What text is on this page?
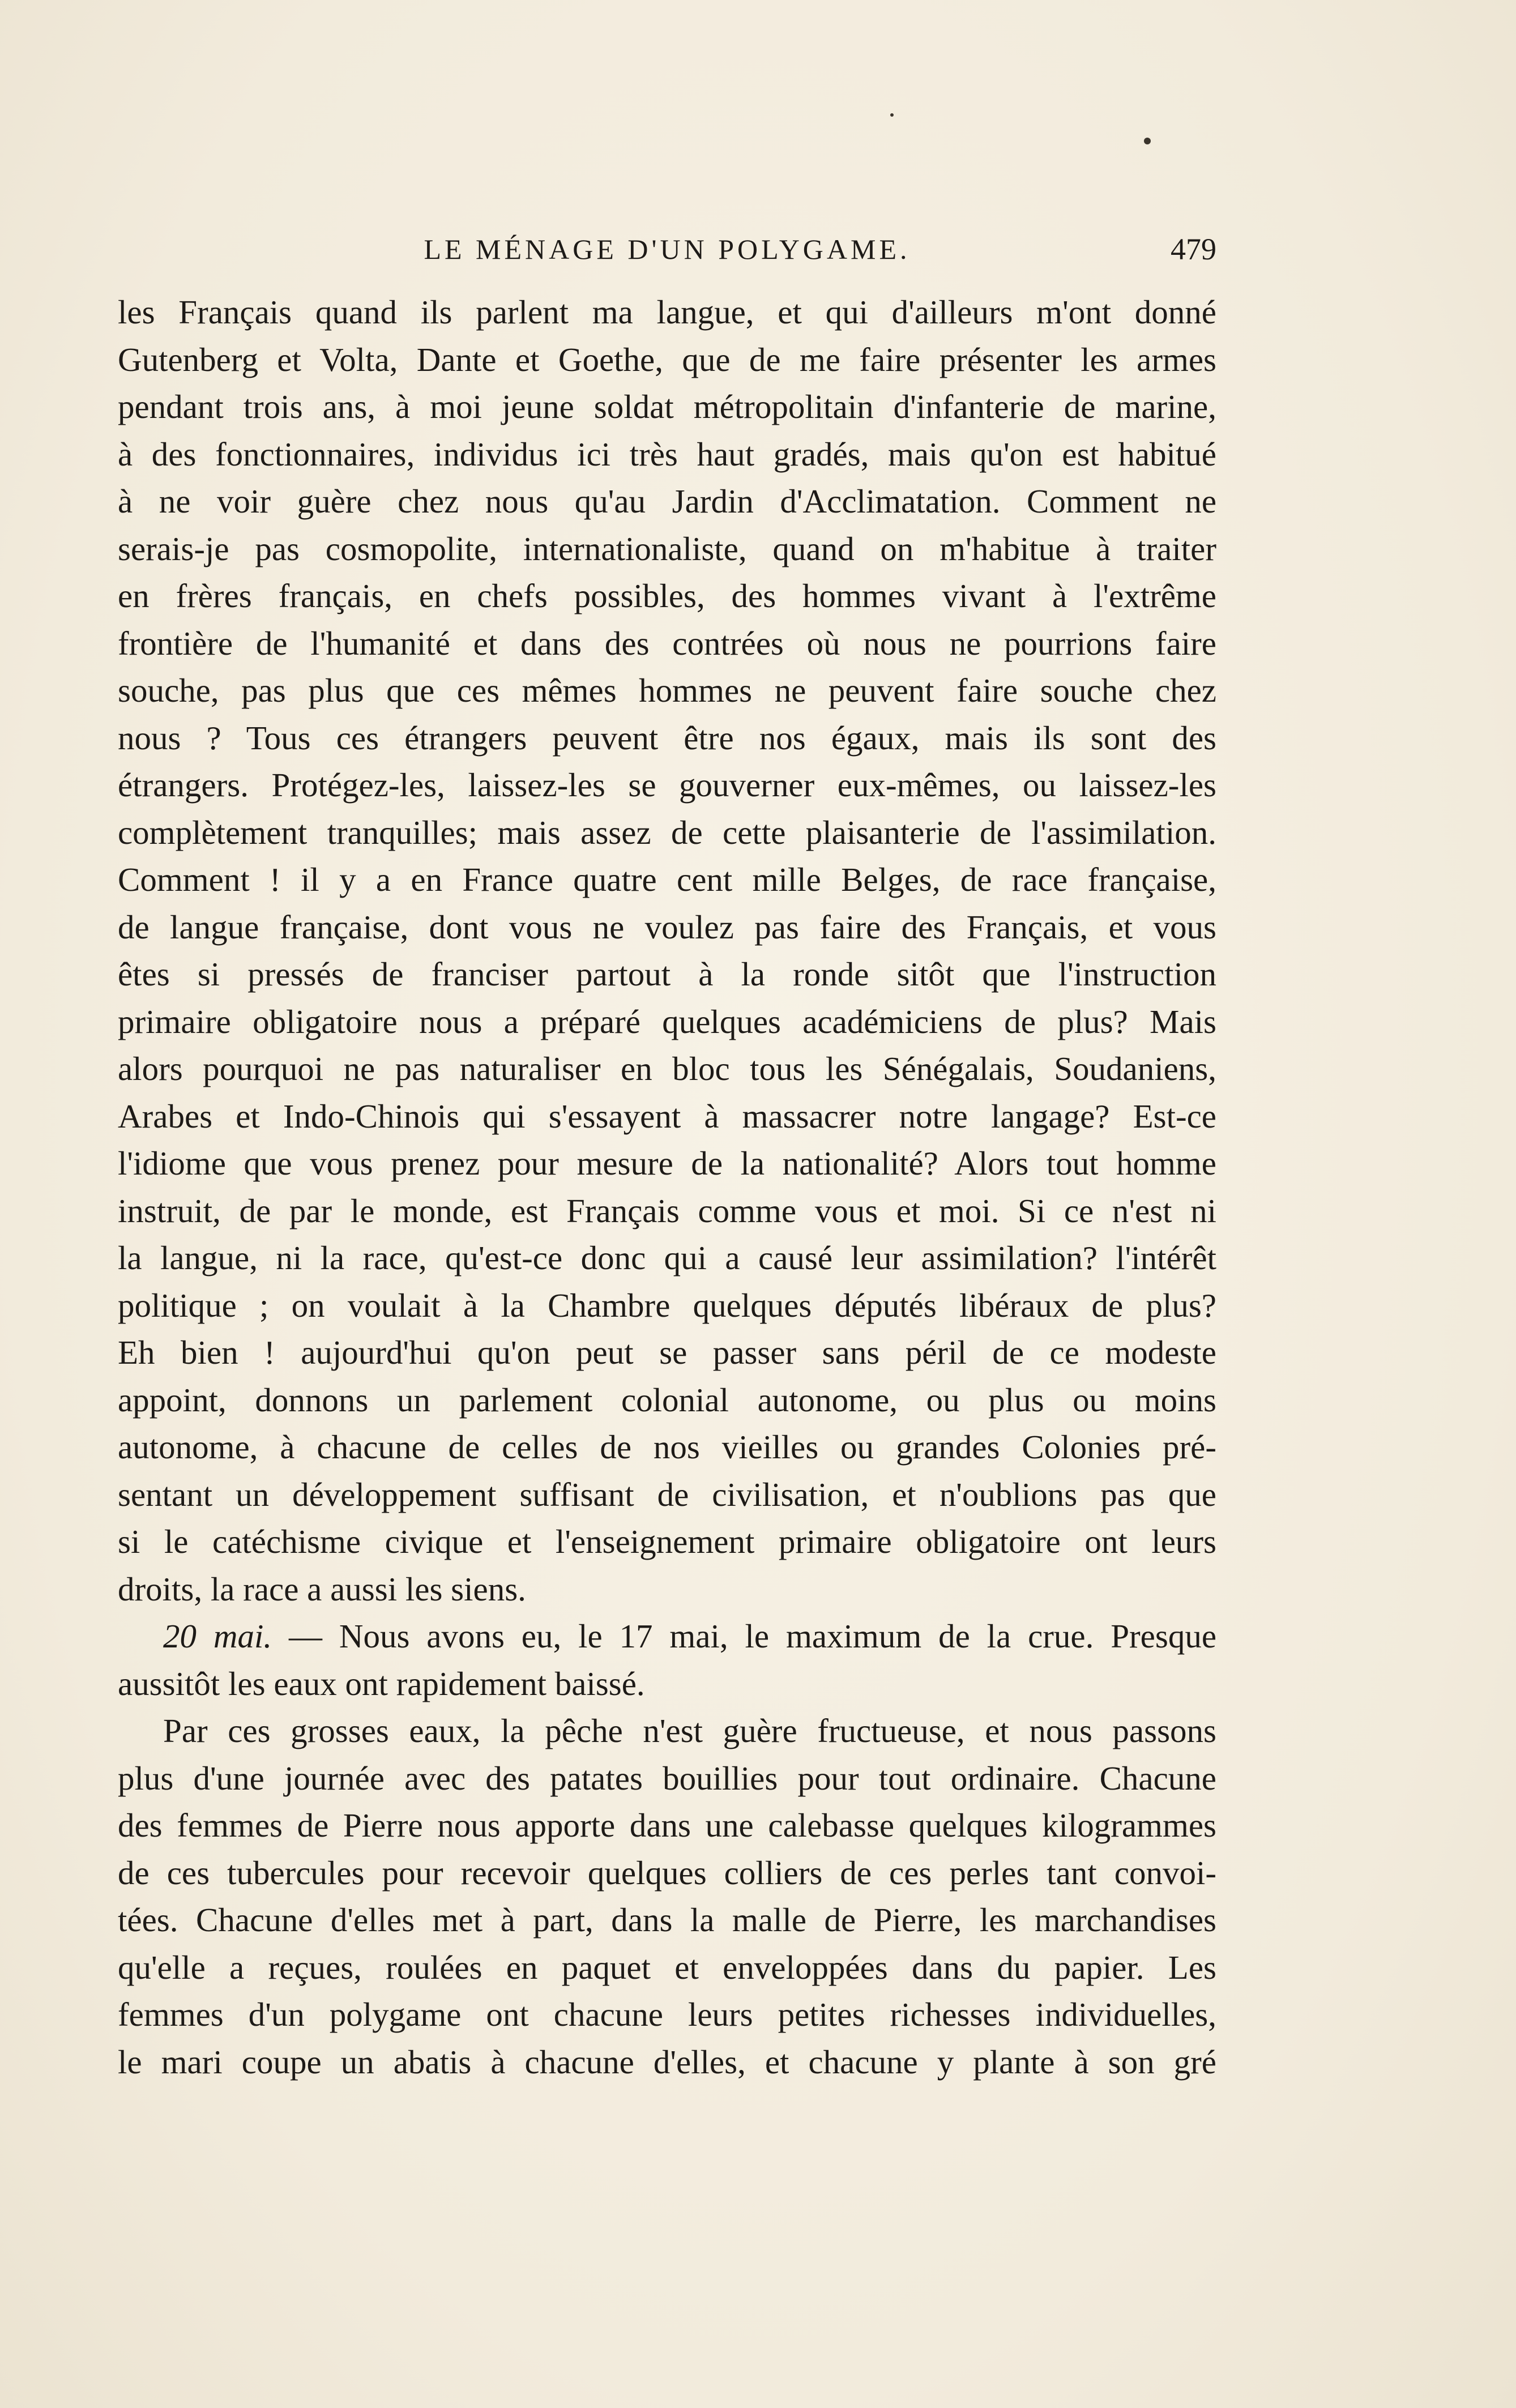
LE MÉNAGE D'UN POLYGAME.	479
les Français quand ils parlent ma langue, et qui d'ailleurs m'ont donné
Gutenberg et Volta, Dante et Goethe, que de me faire présenter les armes
pendant trois ans, à moi jeune soldat métropolitain d'infanterie de marine,
à des fonctionnaires, individus ici très haut gradés, mais qu'on est habitué
à ne voir guère chez nous qu'au Jardin d'Acclimatation. Comment ne
serais-je pas cosmopolite, internationaliste, quand on m'habitue à traiter
en frères français, en chefs possibles, des hommes vivant à l'extrême
frontière de l'humanité et dans des contrées où nous ne pourrions faire
souche, pas plus que ces mêmes hommes ne peuvent faire souche chez
nous ? Tous ces étrangers peuvent être nos égaux, mais ils sont des
étrangers. Protégez-les, laissez-les se gouverner eux-mêmes, ou laissez-les
complètement tranquilles; mais assez de cette plaisanterie de l'assimilation.
Comment ! il y a en France quatre cent mille Belges, de race française,
de langue française, dont vous ne voulez pas faire des Français, et vous
êtes si pressés de franciser partout à la ronde sitôt que l'instruction
primaire obligatoire nous a préparé quelques académiciens de plus? Mais
alors pourquoi ne pas naturaliser en bloc tous les Sénégalais, Soudaniens,
Arabes et Indo-Chinois qui s'essayent à massacrer notre langage? Est-ce
l'idiome que vous prenez pour mesure de la nationalité? Alors tout homme
instruit, de par le monde, est Français comme vous et moi. Si ce n'est ni
la langue, ni la race, qu'est-ce donc qui a causé leur assimilation? l'intérêt
politique ; on voulait à la Chambre quelques députés libéraux de plus?
Eh bien ! aujourd'hui qu'on peut se passer sans péril de ce modeste
appoint, donnons un parlement colonial autonome, ou plus ou moins
autonome, à chacune de celles de nos vieilles ou grandes Colonies pré-
sentant un développement suffisant de civilisation, et n'oublions pas que
si le catéchisme civique et l'enseignement primaire obligatoire ont leurs
droits, la race a aussi les siens.
20 mai. — Nous avons eu, le 17 mai, le maximum de la crue. Presque
aussitôt les eaux ont rapidement baissé.
Par ces grosses eaux, la pêche n'est guère fructueuse, et nous passons
plus d'une journée avec des patates bouillies pour tout ordinaire. Chacune
des femmes de Pierre nous apporte dans une calebasse quelques kilogrammes
de ces tubercules pour recevoir quelques colliers de ces perles tant convoi-
tées. Chacune d'elles met à part, dans la malle de Pierre, les marchandises
qu'elle a reçues, roulées en paquet et enveloppées dans du papier. Les
femmes d'un polygame ont chacune leurs petites richesses individuelles,
le mari coupe un abatis à chacune d'elles, et chacune y plante à son gré
